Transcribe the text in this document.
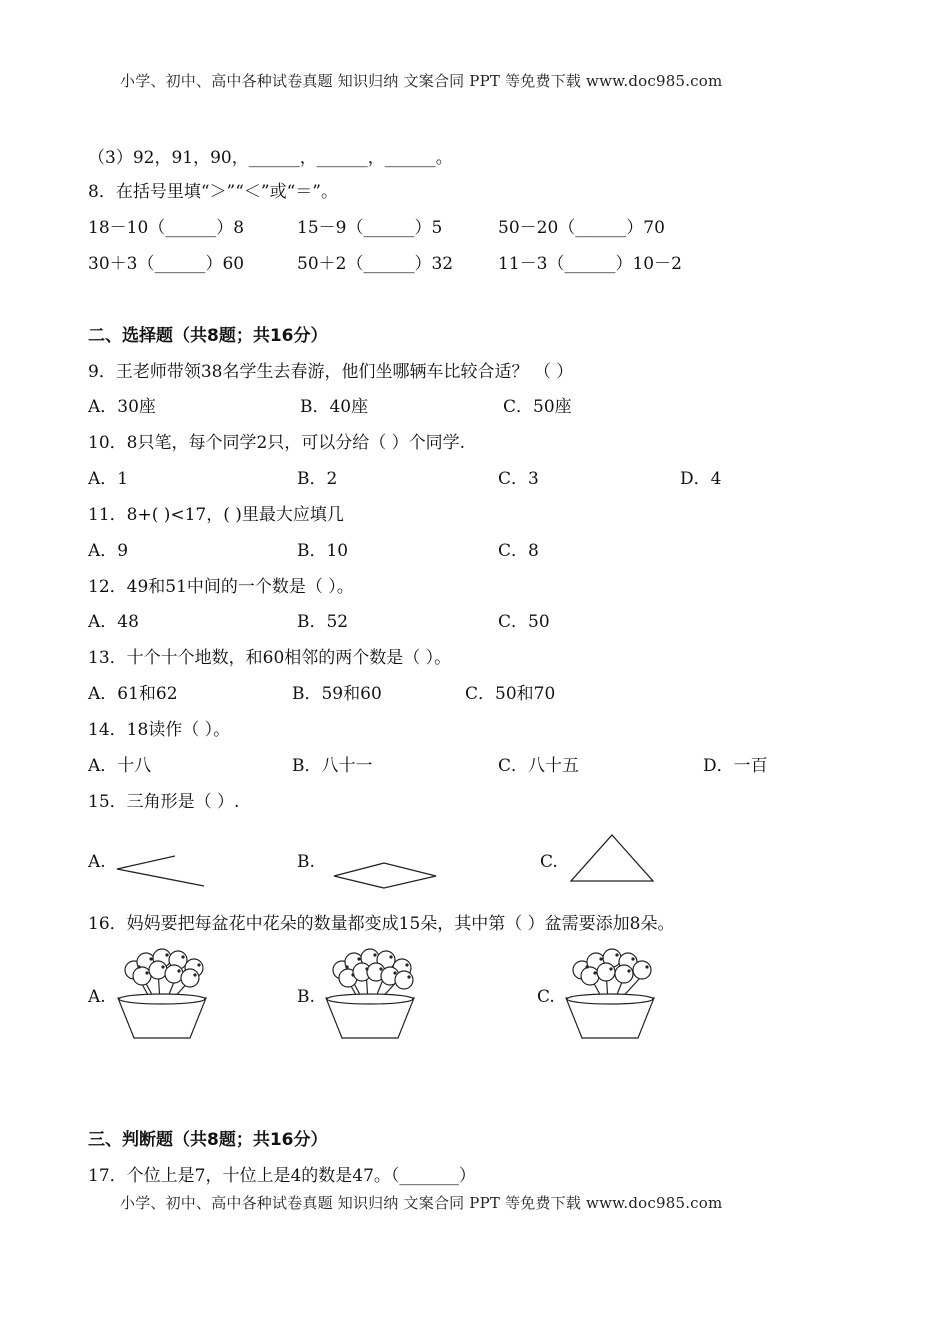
小学、初中、高中各种试卷真题 知识归纳 文案合同 PPT 等免费下载 www.doc985.com
小学、初中、高中各种试卷真题 知识归纳 文案合同 PPT 等免费下载 www.doc985.com
（3）92，91，90，______，______，______。
8．在括号里填“＞”“＜”或“＝”。
18－10（______）8	15－9（______）5	50－20（______）70
30＋3（______）60	50＋2（______）32	11－3（______）10－2
二、选择题（共8题；共16分）
9．王老师带领38名学生去春游，他们坐哪辆车比较合适？ （ ）
A．30座	B．40座	C．50座
10．8只笔，每个同学2只，可以分给（ ）个同学.
A．1	B．2	C．3	D．4
11．8+( )<17，( )里最大应填几
A．9	B．10	C．8
12．49和51中间的一个数是（ ）。
A．48	B．52	C．50
13．十个十个地数，和60相邻的两个数是（ ）。
A．61和62	B．59和60	C．50和70
14．18读作（ ）。
A．十八	B．八十一	C．八十五	D．一百
15．三角形是（ ）.
A.	B.	C.
16．妈妈要把每盆花中花朵的数量都变成15朵，其中第（ ）盆需要添加8朵。
A.	B.	C.
三、判断题（共8题；共16分）
17．个位上是7，十位上是4的数是47。（_______）
